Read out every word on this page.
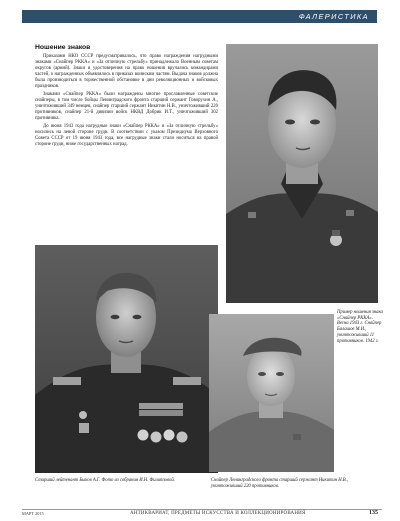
ФАЛЕРИСТИКА
Ношение знаков

Приказами НКО СССР предусматривалось, что право награждения нагрудными знаками «Снайпер РККА» и «За отличную стрельбу» принадлежало Военным советам округов (армий). Знаки и удостоверения на право ношения вручались командирами частей, о награжденных объявлялось в приказах воинским частям. Выдача знаков должна была производиться в торжественной обстановке в дни революционных и войсковых праздников.

Знаками «Снайпер РККА» были награждены многие прославленные советские снайперы, в том числе бойцы Ленинградского фронта старший сержант Говорухин А., уничтоживший 349 немцев, снайпер старший сержант Никитин Н.В., уничтоживший 220 противников, снайпер 21-й дивизии войск НКВД Добрик И.Т., уничтоживший 302 противника.

До июня 1943 года нагрудные знаки «Снайпер РККА» и «За отличную стрельбу» носились на левой стороне груди. В соответствии с указом Президиума Верховного Совета СССР от 19 июня 1943 года, все нагрудные знаки стали носиться на правой стороне груди, ниже государственных наград.

Пример ношения знака «Снайпер РККА». Весна 1943 г. Снайпер Балашов М.И., уничтоживший 11 противников. 1942 г.
Старший лейтенант Быков А.Г. Фото из собрания И.Н. Филипповой.	Снайпер Ленинградского фронта старший сержант Никитин Н.В., уничтоживший 220 противников.
МАРТ 2015	АНТИКВАРИАТ, ПРЕДМЕТЫ ИСКУССТВА И КОЛЛЕКЦИОНИРОВАНИЯ	135
